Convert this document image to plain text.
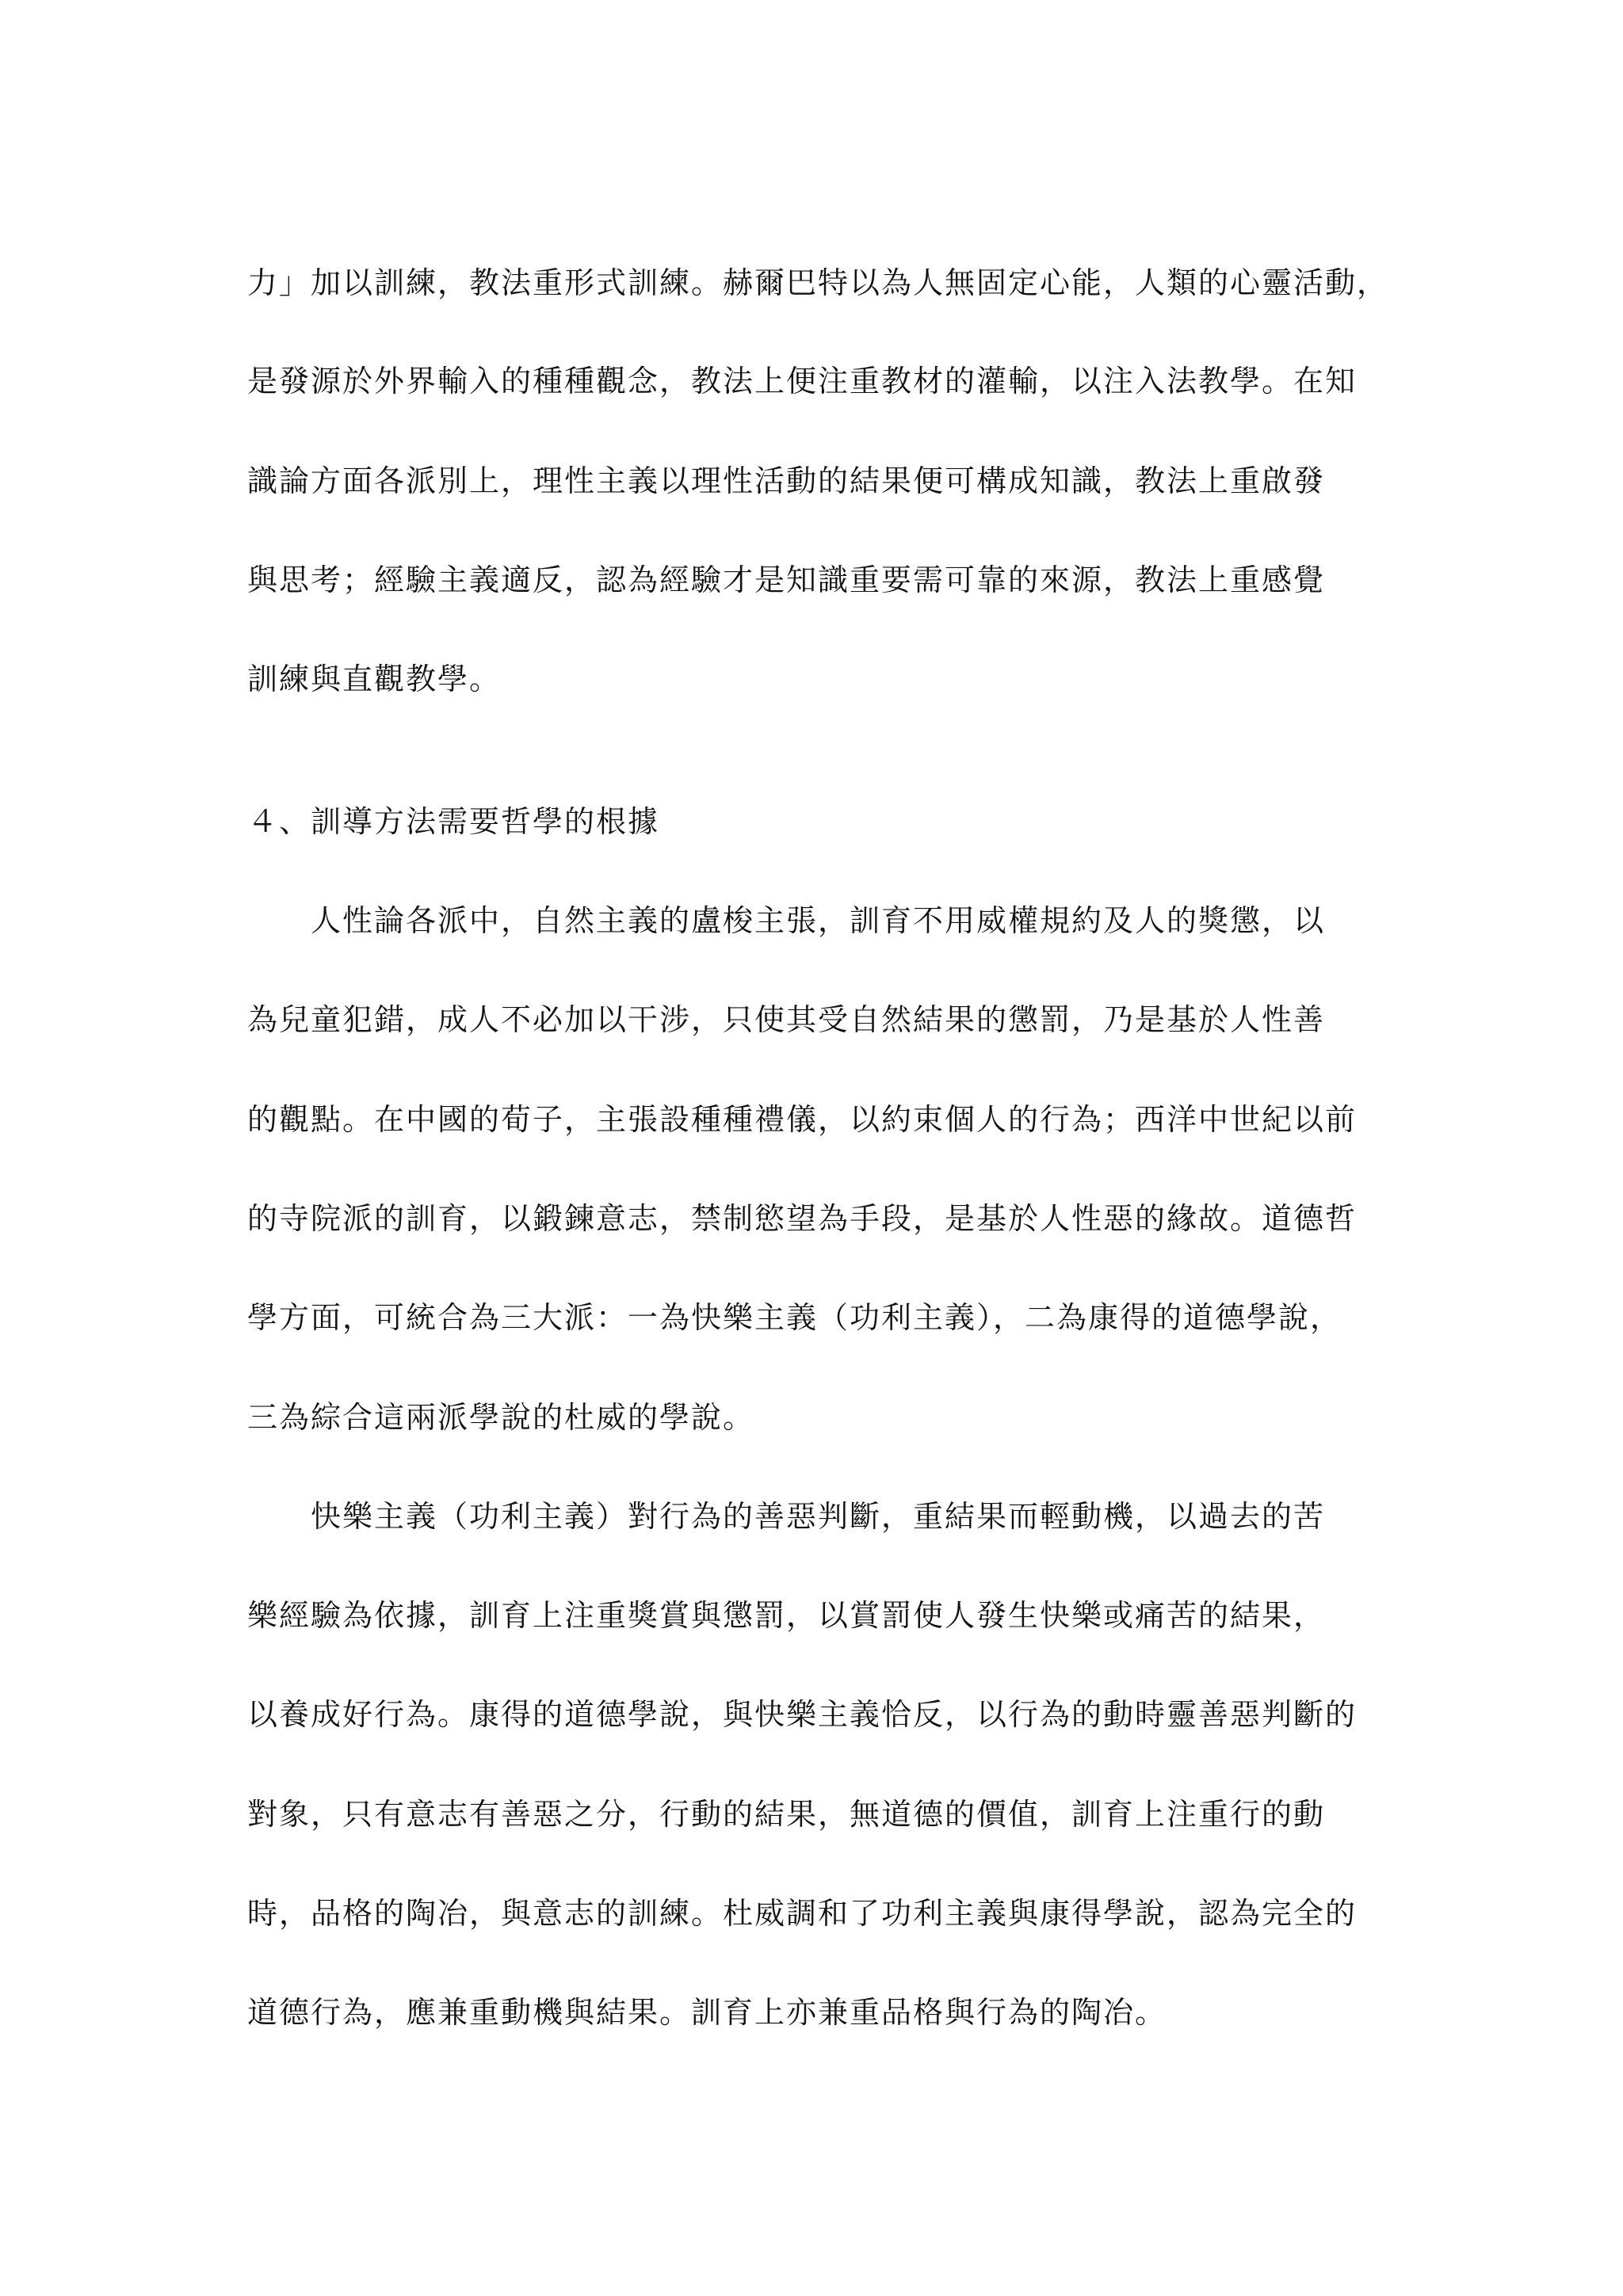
力」加以訓練，教法重形式訓練。赫爾巴特以為人無固定心能，人類的心靈活動，
是發源於外界輸入的種種觀念，教法上便注重教材的灌輸，以注入法教學。在知
識論方面各派別上，理性主義以理性活動的結果便可構成知識，教法上重啟發
與思考；經驗主義適反，認為經驗才是知識重要需可靠的來源，教法上重感覺
訓練與直觀教學。
４、訓導方法需要哲學的根據
人性論各派中，自然主義的盧梭主張，訓育不用威權規約及人的獎懲，以
為兒童犯錯，成人不必加以干涉，只使其受自然結果的懲罰，乃是基於人性善
的觀點。在中國的荀子，主張設種種禮儀，以約束個人的行為；西洋中世紀以前
的寺院派的訓育，以鍛鍊意志，禁制慾望為手段，是基於人性惡的緣故。道德哲
學方面，可統合為三大派：一為快樂主義（功利主義），二為康得的道德學說，
三為綜合這兩派學說的杜威的學說。
快樂主義（功利主義）對行為的善惡判斷，重結果而輕動機，以過去的苦
樂經驗為依據，訓育上注重獎賞與懲罰，以賞罰使人發生快樂或痛苦的結果，
以養成好行為。康得的道德學說，與快樂主義恰反，以行為的動時靈善惡判斷的
對象，只有意志有善惡之分，行動的結果，無道德的價值，訓育上注重行的動
時，品格的陶冶，與意志的訓練。杜威調和了功利主義與康得學說，認為完全的
道德行為，應兼重動機與結果。訓育上亦兼重品格與行為的陶冶。
